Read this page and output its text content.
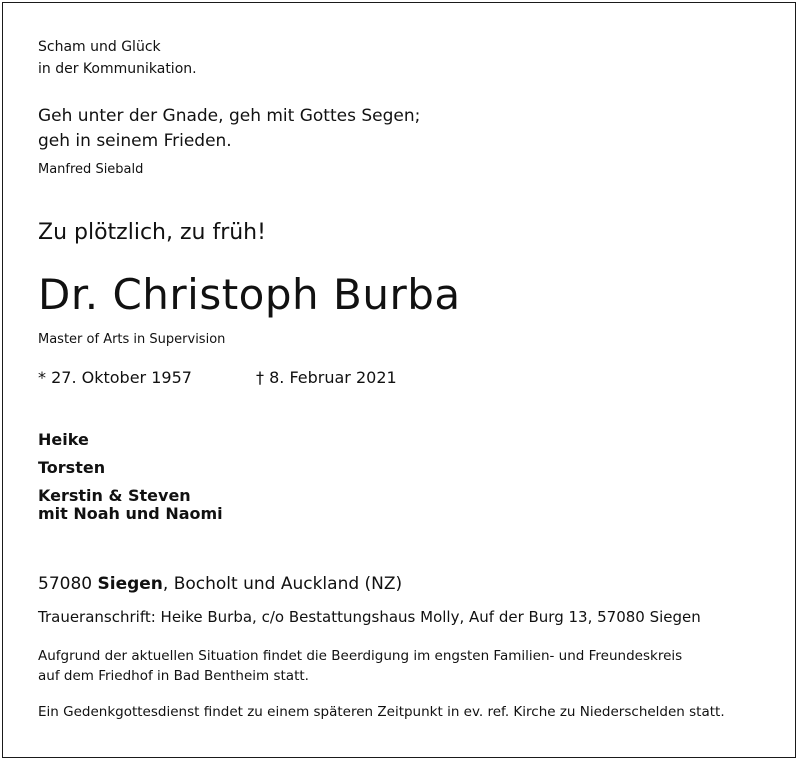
Scham und Glück
in der Kommunikation.
Geh unter der Gnade, geh mit Gottes Segen;
geh in seinem Frieden.
Manfred Siebald
Zu plötzlich, zu früh!
Dr. Christoph Burba
Master of Arts in Supervision
* 27. Oktober 1957	† 8. Februar 2021
Heike
Torsten
Kerstin & Steven
mit Noah und Naomi
57080 Siegen, Bocholt und Auckland (NZ)
Traueranschrift: Heike Burba, c/o Bestattungshaus Molly, Auf der Burg 13, 57080 Siegen
Aufgrund der aktuellen Situation findet die Beerdigung im engsten Familien- und Freundeskreis
auf dem Friedhof in Bad Bentheim statt.
Ein Gedenkgottesdienst findet zu einem späteren Zeitpunkt in ev. ref. Kirche zu Niederschelden statt.
